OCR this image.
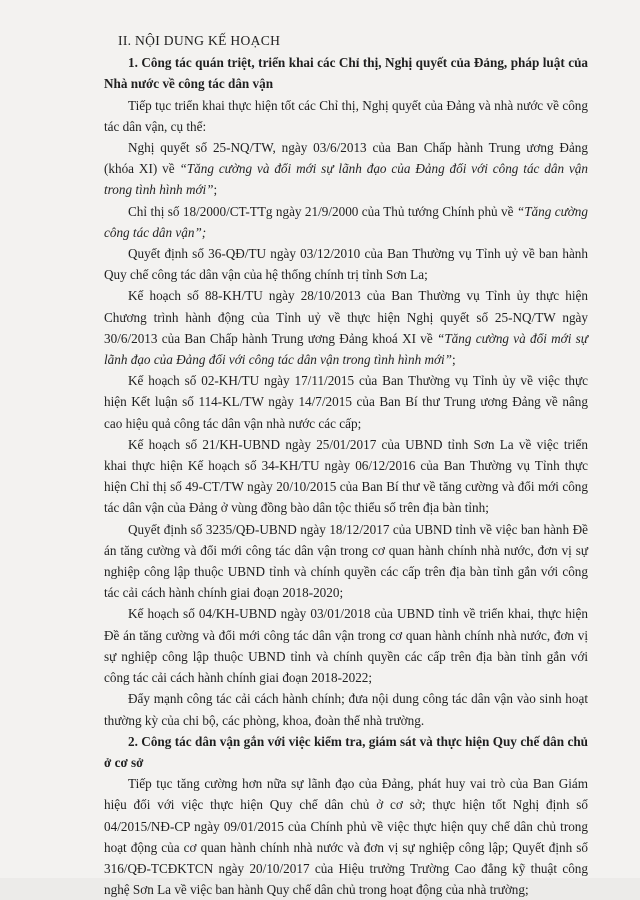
II. NỘI DUNG KẾ HOẠCH

1. Công tác quán triệt, triển khai các Chỉ thị, Nghị quyết của Đảng, pháp luật của Nhà nước về công tác dân vận

Tiếp tục triển khai thực hiện tốt các Chỉ thị, Nghị quyết của Đảng và nhà nước về công tác dân vận, cụ thể:

Nghị quyết số 25-NQ/TW, ngày 03/6/2013 của Ban Chấp hành Trung ương Đảng (khóa XI) về “Tăng cường và đổi mới sự lãnh đạo của Đảng đối với công tác dân vận trong tình hình mới”;

Chỉ thị số 18/2000/CT-TTg ngày 21/9/2000 của Thủ tướng Chính phủ về “Tăng cường công tác dân vận”;

Quyết định số 36-QĐ/TU ngày 03/12/2010 của Ban Thường vụ Tỉnh uỷ về ban hành Quy chế công tác dân vận của hệ thống chính trị tỉnh Sơn La;

Kế hoạch số 88-KH/TU ngày 28/10/2013 của Ban Thường vụ Tỉnh ủy thực hiện Chương trình hành động của Tỉnh uỷ về thực hiện Nghị quyết số 25-NQ/TW ngày 30/6/2013 của Ban Chấp hành Trung ương Đảng khoá XI về “Tăng cường và đổi mới sự lãnh đạo của Đảng đối với công tác dân vận trong tình hình mới”;

Kế hoạch số 02-KH/TU ngày 17/11/2015 của Ban Thường vụ Tỉnh ủy về việc thực hiện Kết luận số 114-KL/TW ngày 14/7/2015 của Ban Bí thư Trung ương Đảng về nâng cao hiệu quả công tác dân vận nhà nước các cấp;

Kế hoạch số 21/KH-UBND ngày 25/01/2017 của UBND tỉnh Sơn La về việc triển khai thực hiện Kế hoạch số 34-KH/TU ngày 06/12/2016 của Ban Thường vụ Tỉnh thực hiện Chỉ thị số 49-CT/TW ngày 20/10/2015 của Ban Bí thư về tăng cường và đổi mới công tác dân vận của Đảng ở vùng đồng bào dân tộc thiểu số trên địa bàn tỉnh;

Quyết định số 3235/QĐ-UBND ngày 18/12/2017 của UBND tỉnh về việc ban hành Đề án tăng cường và đổi mới công tác dân vận trong cơ quan hành chính nhà nước, đơn vị sự nghiệp công lập thuộc UBND tỉnh và chính quyền các cấp trên địa bàn tỉnh gắn với công tác cải cách hành chính giai đoạn 2018-2020;

Kế hoạch số 04/KH-UBND ngày 03/01/2018 của UBND tỉnh về triển khai, thực hiện Đề án tăng cường và đổi mới công tác dân vận trong cơ quan hành chính nhà nước, đơn vị sự nghiệp công lập thuộc UBND tỉnh và chính quyền các cấp trên địa bàn tỉnh gắn với công tác cải cách hành chính giai đoạn 2018-2022;

Đẩy mạnh công tác cải cách hành chính; đưa nội dung công tác dân vận vào sinh hoạt thường kỳ của chi bộ, các phòng, khoa, đoàn thể nhà trường.

2. Công tác dân vận gắn với việc kiểm tra, giám sát và thực hiện Quy chế dân chủ ở cơ sở

Tiếp tục tăng cường hơn nữa sự lãnh đạo của Đảng, phát huy vai trò của Ban Giám hiệu đối với việc thực hiện Quy chế dân chủ ở cơ sở; thực hiện tốt Nghị định số 04/2015/NĐ-CP ngày 09/01/2015 của Chính phủ về việc thực hiện quy chế dân chủ trong hoạt động của cơ quan hành chính nhà nước và đơn vị sự nghiệp công lập; Quyết định số 316/QĐ-TCĐKTCN ngày 20/10/2017 của Hiệu trưởng Trường Cao đẳng kỹ thuật công nghệ Sơn La về việc ban hành Quy chế dân chủ trong hoạt động của nhà trường;
